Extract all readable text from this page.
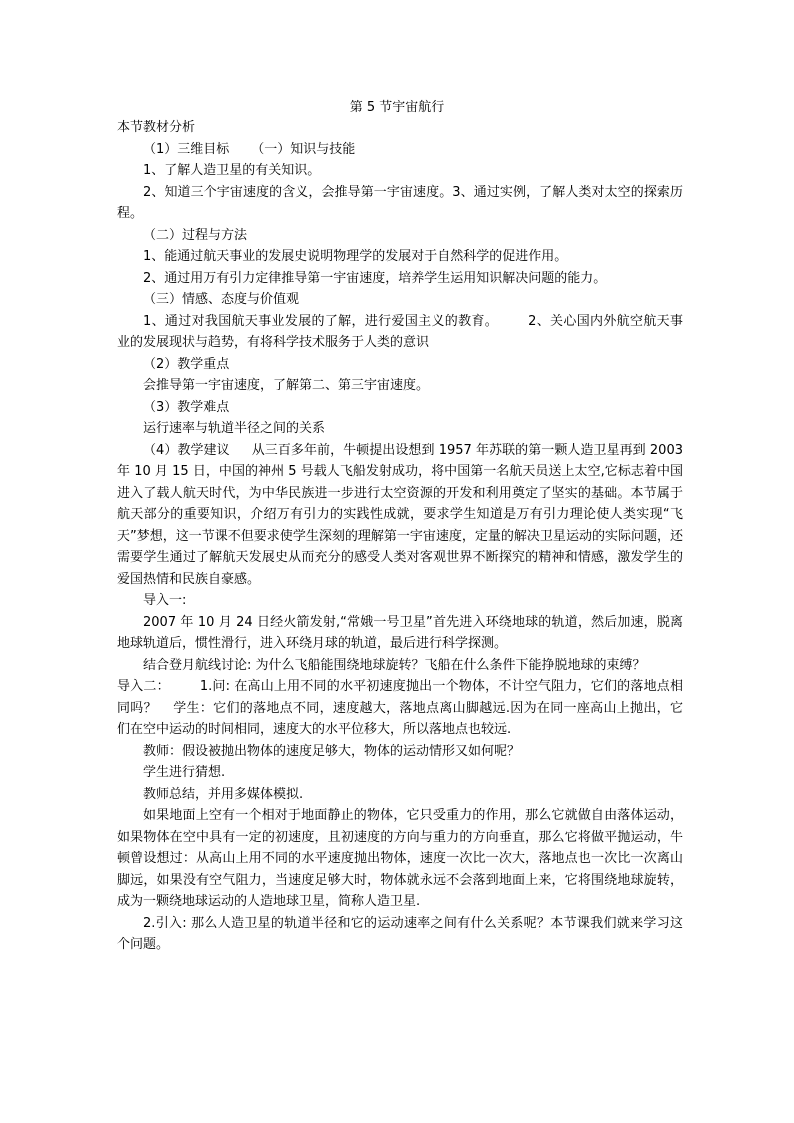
第 5 节宇宙航行

本节教材分析

（1）三维目标 （一）知识与技能

1、了解人造卫星的有关知识。

2、知道三个宇宙速度的含义，会推导第一宇宙速度。3、通过实例，了解人类对太空的探索历程。

（二）过程与方法

1、能通过航天事业的发展史说明物理学的发展对于自然科学的促进作用。

2、通过用万有引力定律推导第一宇宙速度，培养学生运用知识解决问题的能力。

（三）情感、态度与价值观

1、通过对我国航天事业发展的了解，进行爱国主义的教育。 2、关心国内外航空航天事业的发展现状与趋势，有将科学技术服务于人类的意识

（2）教学重点

会推导第一宇宙速度，了解第二、第三宇宙速度。

（3）教学难点

运行速率与轨道半径之间的关系

（4）教学建议 从三百多年前，牛顿提出设想到 1957 年苏联的第一颗人造卫星再到 2003 年 10 月 15 日，中国的神州 5 号载人飞船发射成功，将中国第一名航天员送上太空,它标志着中国进入了载人航天时代，为中华民族进一步进行太空资源的开发和利用奠定了坚实的基础。本节属于航天部分的重要知识，介绍万有引力的实践性成就，要求学生知道是万有引力理论使人类实现“飞天”梦想，这一节课不但要求使学生深刻的理解第一宇宙速度，定量的解决卫星运动的实际问题，还需要学生通过了解航天发展史从而充分的感受人类对客观世界不断探究的精神和情感，激发学生的爱国热情和民族自豪感。

导入一:

2007 年 10 月 24 日经火箭发射,“常娥一号卫星”首先进入环绕地球的轨道，然后加速，脱离地球轨道后，惯性滑行，进入环绕月球的轨道，最后进行科学探测。

结合登月航线讨论: 为什么飞船能围绕地球旋转？飞船在什么条件下能挣脱地球的束缚？

导入二： 1.问: 在高山上用不同的水平初速度抛出一个物体，不计空气阻力，它们的落地点相同吗？ 学生：它们的落地点不同，速度越大，落地点离山脚越远.因为在同一座高山上抛出，它们在空中运动的时间相同，速度大的水平位移大，所以落地点也较远.

教师：假设被抛出物体的速度足够大，物体的运动情形又如何呢？

学生进行猜想.

教师总结，并用多媒体模拟.

如果地面上空有一个相对于地面静止的物体，它只受重力的作用，那么它就做自由落体运动，如果物体在空中具有一定的初速度，且初速度的方向与重力的方向垂直，那么它将做平抛运动，牛顿曾设想过：从高山上用不同的水平速度抛出物体，速度一次比一次大，落地点也一次比一次离山脚远，如果没有空气阻力，当速度足够大时，物体就永远不会落到地面上来，它将围绕地球旋转，成为一颗绕地球运动的人造地球卫星，简称人造卫星.

2.引入: 那么人造卫星的轨道半径和它的运动速率之间有什么关系呢？本节课我们就来学习这个问题。
